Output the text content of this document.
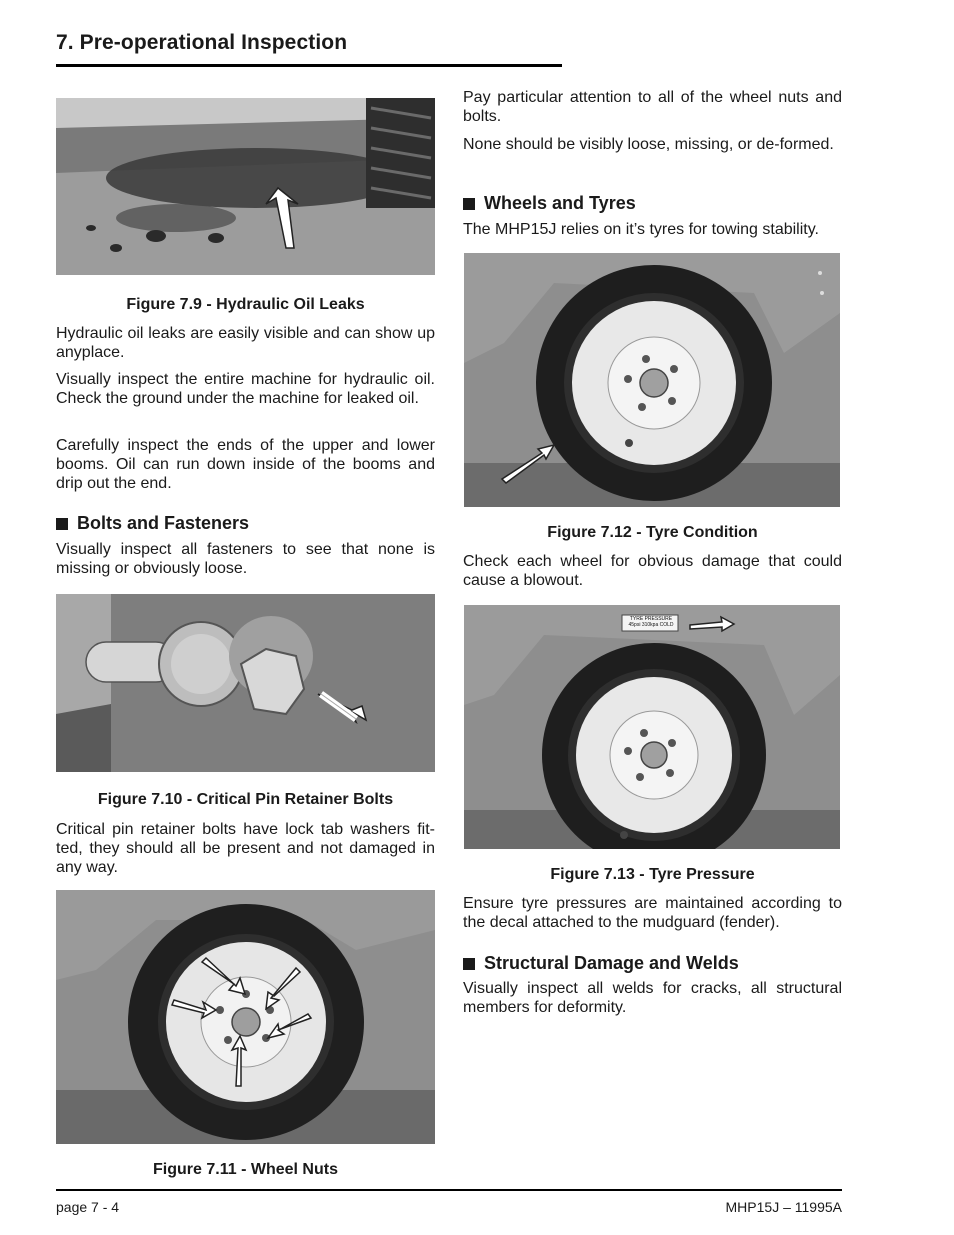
7. Pre-operational Inspection
Figure 7.9 - Hydraulic Oil Leaks

Hydraulic oil leaks are easily visible and can show up anyplace.

Visually inspect the entire machine for hydraulic oil. Check the ground under the machine for leaked oil.

Carefully inspect the ends of the upper and lower booms. Oil can run down inside of the booms and drip out the end.

Bolts and Fasteners

Visually inspect all fasteners to see that none is missing or obviously loose.

Figure 7.10 - Critical Pin Retainer Bolts

Critical pin retainer bolts have lock tab washers fit-ted, they should all be present and not damaged in any way.

Figure 7.11 - Wheel Nuts

Pay particular attention to all of the wheel nuts and bolts.

None should be visibly loose, missing, or de-formed.

Wheels and Tyres

The MHP15J relies on it’s tyres for towing stability.

Figure 7.12 - Tyre Condition

Check each wheel for obvious damage that could cause a blowout.

TYRE PRESSURE
45psi 310kpa COLD
Figure 7.13 - Tyre Pressure

Ensure tyre pressures are maintained according to the decal attached to the mudguard (fender).

Structural Damage and Welds

Visually inspect all welds for cracks, all structural members for deformity.

page 7 - 4	MHP15J – 11995A
